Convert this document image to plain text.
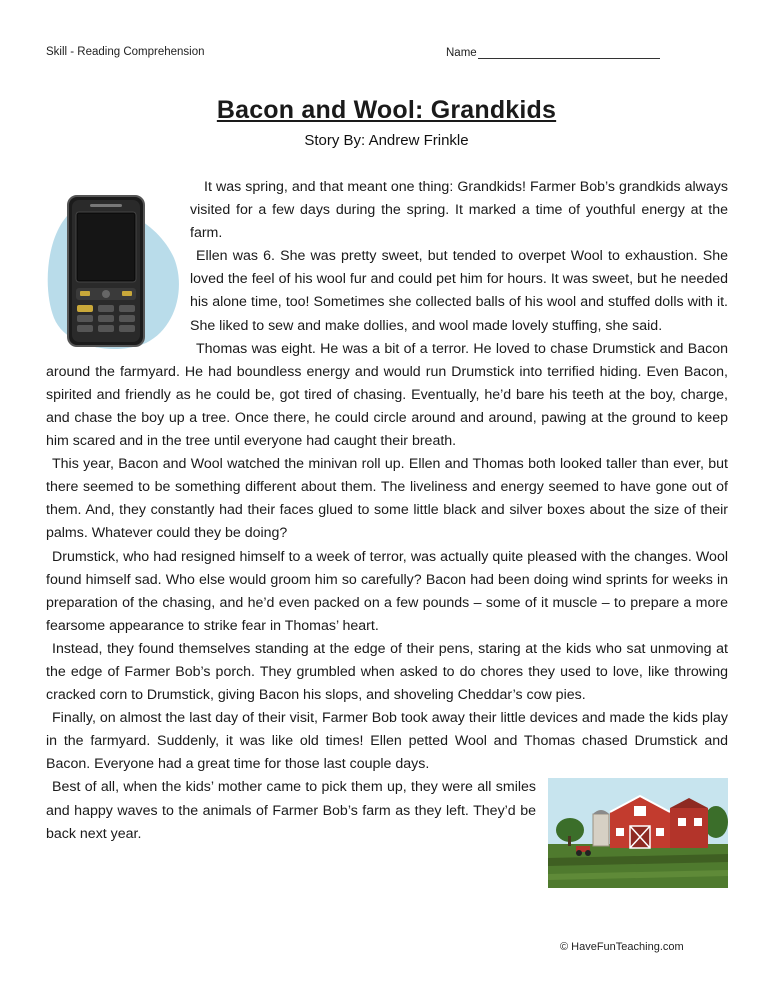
Skill - Reading Comprehension	Name
Bacon and Wool: Grandkids
Story By: Andrew Frinkle

It was spring, and that meant one thing: Grandkids! Farmer Bob’s grandkids always visited for a few days during the spring. It marked a time of youthful energy at the farm.

Ellen was 6. She was pretty sweet, but tended to overpet Wool to exhaustion. She loved the feel of his wool fur and could pet him for hours. It was sweet, but he needed his alone time, too! Sometimes she collected balls of his wool and stuffed dolls with it. She liked to sew and make dollies, and wool made lovely stuffing, she said.

Thomas was eight. He was a bit of a terror. He loved to chase Drumstick and Bacon around the farmyard. He had boundless energy and would run Drumstick into terrified hiding. Even Bacon, spirited and friendly as he could be, got tired of chasing. Eventually, he’d bare his teeth at the boy, charge, and chase the boy up a tree. Once there, he could circle around and around, pawing at the ground to keep him scared and in the tree until everyone had caught their breath.

This year, Bacon and Wool watched the minivan roll up. Ellen and Thomas both looked taller than ever, but there seemed to be something different about them. The liveliness and energy seemed to have gone out of them. And, they constantly had their faces glued to some little black and silver boxes about the size of their palms. Whatever could they be doing?

Drumstick, who had resigned himself to a week of terror, was actually quite pleased with the changes. Wool found himself sad. Who else would groom him so carefully? Bacon had been doing wind sprints for weeks in preparation of the chasing, and he’d even packed on a few pounds – some of it muscle – to prepare a more fearsome appearance to strike fear in Thomas’ heart.

Instead, they found themselves standing at the edge of their pens, staring at the kids who sat unmoving at the edge of Farmer Bob’s porch. They grumbled when asked to do chores they used to love, like throwing cracked corn to Drumstick, giving Bacon his slops, and shoveling Cheddar’s cow pies.

Finally, on almost the last day of their visit, Farmer Bob took away their little devices and made the kids play in the farmyard. Suddenly, it was like old times! Ellen petted Wool and Thomas chased Drumstick and Bacon. Everyone had a great time for those last couple days.

Best of all, when the kids’ mother came to pick them up, they were all smiles and happy waves to the animals of Farmer Bob’s farm as they left. They’d be back next year.

© HaveFunTeaching.com
